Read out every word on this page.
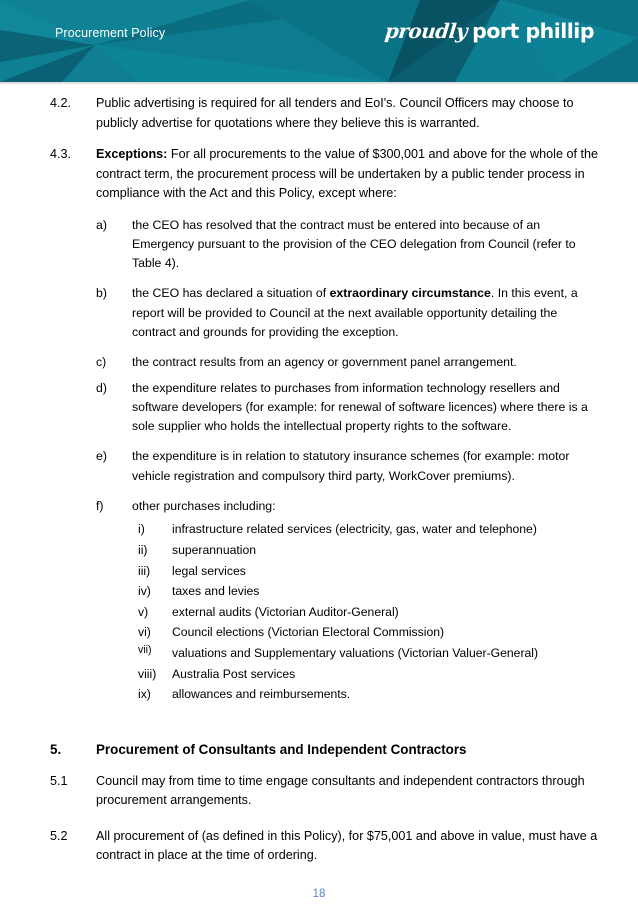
Procurement Policy	proudly port phillip
4.2.	Public advertising is required for all tenders and EoI's. Council Officers may choose to publicly advertise for quotations where they believe this is warranted.
4.3.	Exceptions: For all procurements to the value of $300,001 and above for the whole of the contract term, the procurement process will be undertaken by a public tender process in compliance with the Act and this Policy, except where:
a)	the CEO has resolved that the contract must be entered into because of an Emergency pursuant to the provision of the CEO delegation from Council (refer to Table 4).
b)	the CEO has declared a situation of extraordinary circumstance. In this event, a report will be provided to Council at the next available opportunity detailing the contract and grounds for providing the exception.
c)	the contract results from an agency or government panel arrangement.
d)	the expenditure relates to purchases from information technology resellers and software developers (for example: for renewal of software licences) where there is a sole supplier who holds the intellectual property rights to the software.
e)	the expenditure is in relation to statutory insurance schemes (for example: motor vehicle registration and compulsory third party, WorkCover premiums).
f)	other purchases including:
i)	infrastructure related services (electricity, gas, water and telephone)
ii)	superannuation
iii)	legal services
iv)	taxes and levies
v)	external audits (Victorian Auditor-General)
vi)	Council elections (Victorian Electoral Commission)
vii)	valuations and Supplementary valuations (Victorian Valuer-General)
viii)	Australia Post services
ix)	allowances and reimbursements.
5.	Procurement of Consultants and Independent Contractors
5.1	Council may from time to time engage consultants and independent contractors through procurement arrangements.
5.2	All procurement of (as defined in this Policy), for $75,001 and above in value, must have a contract in place at the time of ordering.
18
